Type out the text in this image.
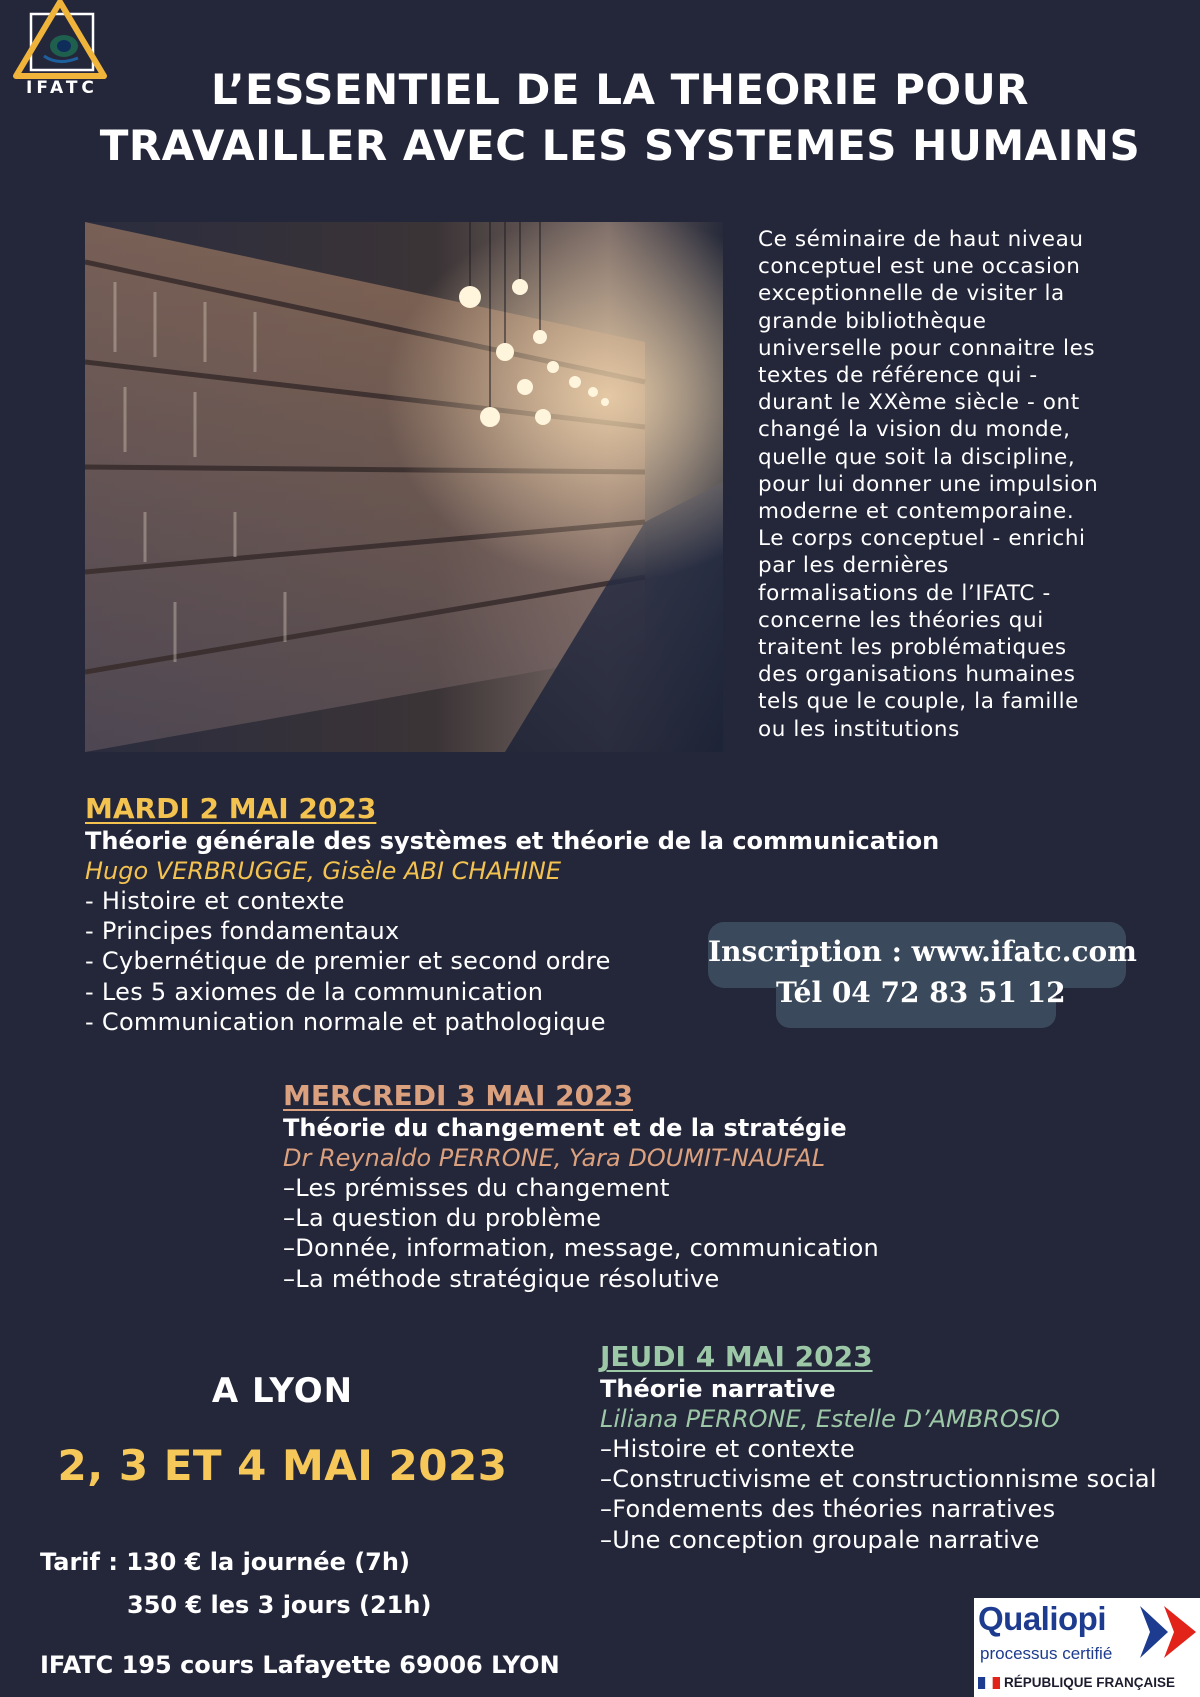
IFATC	L’ESSENTIEL DE LA THEORIE POUR
TRAVAILLER AVEC LES SYSTEMES HUMAINS
Ce séminaire de haut niveau
conceptuel est une occasion
exceptionnelle de visiter la
grande bibliothèque
universelle pour connaitre les
textes de référence qui -
durant le XXème siècle - ont
changé la vision du monde,
quelle que soit la discipline,
pour lui donner une impulsion
moderne et contemporaine.
Le corps conceptuel - enrichi
par les dernières
formalisations de l’IFATC -
concerne les théories qui
traitent les problématiques
des organisations humaines
tels que le couple, la famille
ou les institutions
MARDI 2 MAI 2023
Théorie générale des systèmes et théorie de la communication
Hugo VERBRUGGE, Gisèle ABI CHAHINE
- Histoire et contexte
- Principes fondamentaux
- Cybernétique de premier et second ordre
- Les 5 axiomes de la communication
- Communication normale et pathologique
Inscription : www.ifatc.com
Tél 04 72 83 51 12
MERCREDI 3 MAI 2023
Théorie du changement et de la stratégie
Dr Reynaldo PERRONE, Yara DOUMIT-NAUFAL
–Les prémisses du changement
–La question du problème
–Donnée, information, message, communication
–La méthode stratégique résolutive
JEUDI 4 MAI 2023
Théorie narrative
Liliana PERRONE, Estelle D’AMBROSIO
–Histoire et contexte
–Constructivisme et constructionnisme social
–Fondements des théories narratives
–Une conception groupale narrative
A LYON
2, 3 ET 4 MAI 2023
Tarif : 130 € la journée (7h)
350 € les 3 jours (21h)
IFATC 195 cours Lafayette 69006 LYON
Qualiopi
processus certifié
RÉPUBLIQUE FRANÇAISE
